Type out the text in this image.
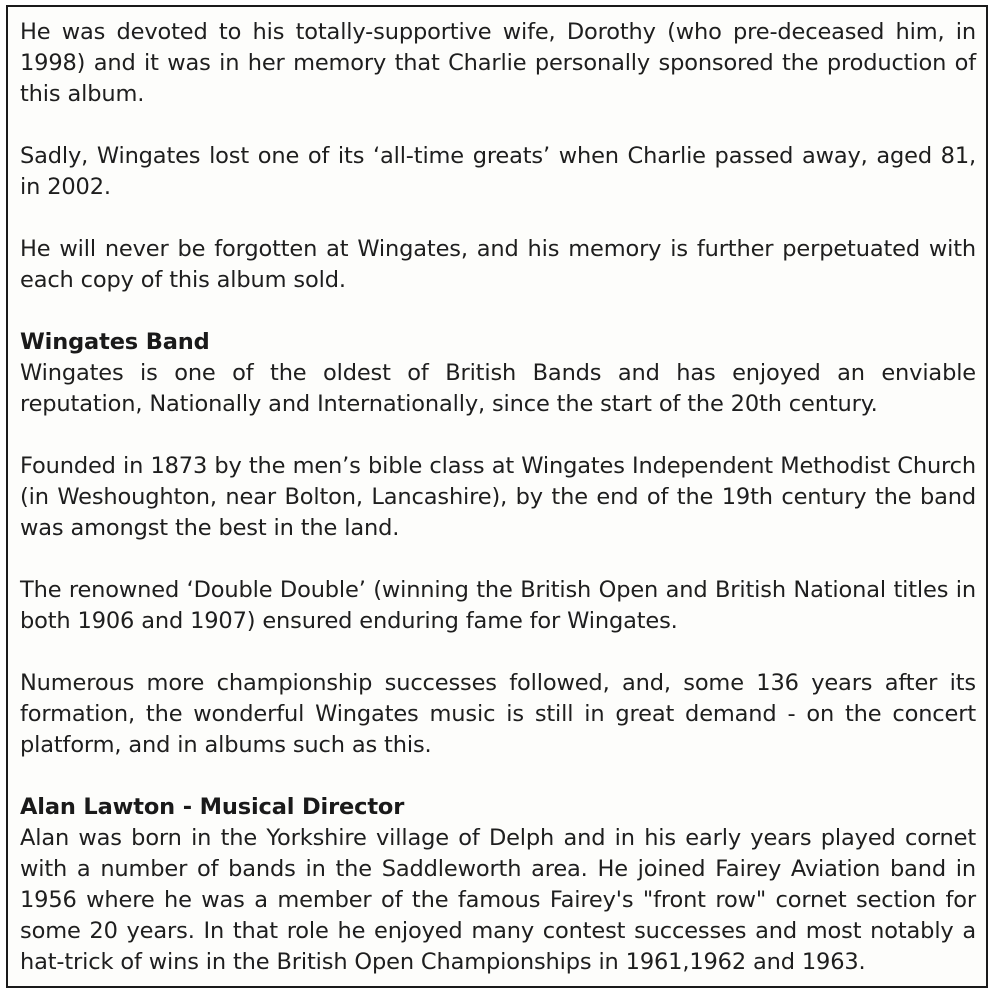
He was devoted to his totally-supportive wife, Dorothy (who pre-deceased him, in 1998) and it was in her memory that Charlie personally sponsored the production of this album.

Sadly, Wingates lost one of its ‘all-time greats’ when Charlie passed away, aged 81, in 2002.

He will never be forgotten at Wingates, and his memory is further perpetuated with each copy of this album sold.

Wingates Band

Wingates is one of the oldest of British Bands and has enjoyed an enviable reputation, Nationally and Internationally, since the start of the 20th century.

Founded in 1873 by the men’s bible class at Wingates Independent Methodist Church (in Weshoughton, near Bolton, Lancashire), by the end of the 19th century the band was amongst the best in the land.

The renowned ‘Double Double’ (winning the British Open and British National titles in both 1906 and 1907) ensured enduring fame for Wingates.

Numerous more championship successes followed, and, some 136 years after its formation, the wonderful Wingates music is still in great demand - on the concert platform, and in albums such as this.

Alan Lawton - Musical Director

Alan was born in the Yorkshire village of Delph and in his early years played cornet with a number of bands in the Saddleworth area. He joined Fairey Aviation band in 1956 where he was a member of the famous Fairey's "front row" cornet section for some 20 years. In that role he enjoyed many contest successes and most notably a hat-trick of wins in the British Open Championships in 1961,1962 and 1963.
